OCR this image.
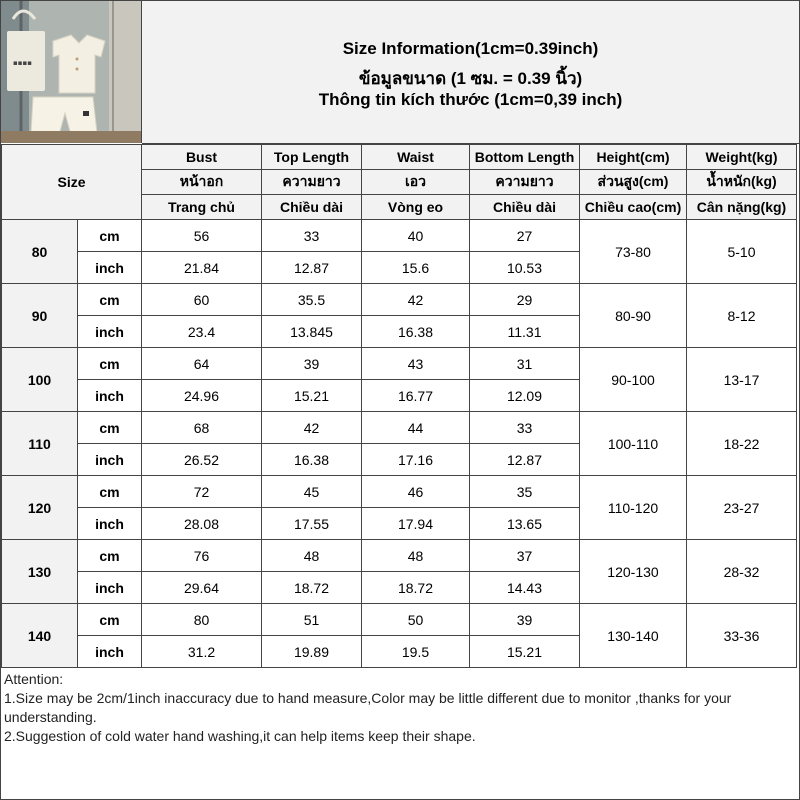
▪▪▪▪
Size Information(1cm=0.39inch)
ข้อมูลขนาด (1 ซม. = 0.39 นิ้ว)
Thông tin kích thước (1cm=0,39 inch)
Size		Bust	Top Length	Waist	Bottom Length	Height(cm)	Weight(kg)
		หน้าอก	ความยาว	เอว	ความยาว	ส่วนสูง(cm)	น้ำหนัก(kg)
		Trang chủ	Chiều dài	Vòng eo	Chiều dài	Chiều cao(cm)	Cân nặng(kg)
80	cm	56	33	40	27	73-80	5-10
	inch	21.84	12.87	15.6	10.53		
90	cm	60	35.5	42	29	80-90	8-12
	inch	23.4	13.845	16.38	11.31		
100	cm	64	39	43	31	90-100	13-17
	inch	24.96	15.21	16.77	12.09		
110	cm	68	42	44	33	100-110	18-22
	inch	26.52	16.38	17.16	12.87		
120	cm	72	45	46	35	110-120	23-27
	inch	28.08	17.55	17.94	13.65		
130	cm	76	48	48	37	120-130	28-32
	inch	29.64	18.72	18.72	14.43		
140	cm	80	51	50	39	130-140	33-36
	inch	31.2	19.89	19.5	15.21		
Attention:
1.Size may be 2cm/1inch inaccuracy due to hand measure,Color may be little different due to monitor ,thanks for your
understanding.
2.Suggestion of cold water hand washing,it can help items keep their shape.
